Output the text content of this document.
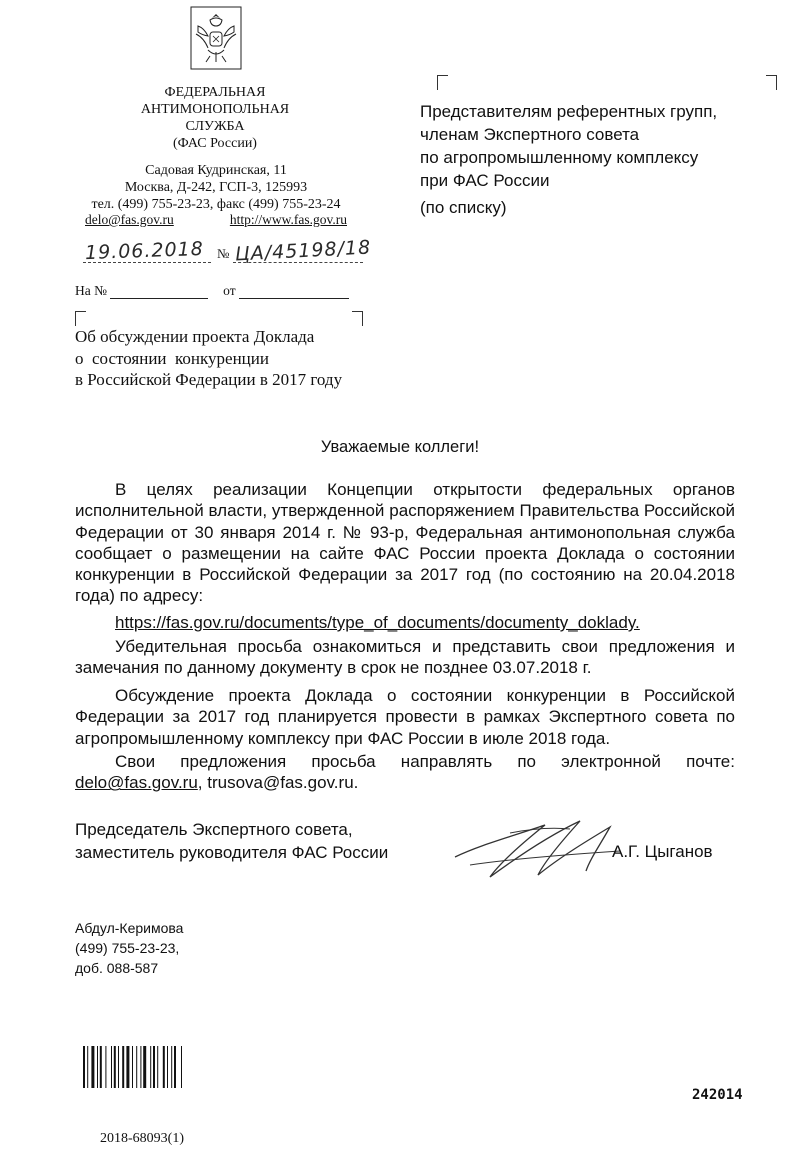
ФЕДЕРАЛЬНАЯ
АНТИМОНОПОЛЬНАЯ
СЛУЖБА
(ФАС России)
Садовая Кудринская, 11
Москва, Д-242, ГСП-3, 125993
тел. (499) 755-23-23, факс (499) 755-23-24
delo@fas.gov.ru	http://www.fas.gov.ru
19.06.2018 № ЦА/45198/18
На №	от
Об обсуждении проекта Доклада
о  состоянии  конкуренции
в Российской Федерации в 2017 году
Представителям референтных групп,
членам Экспертного совета
по агропромышленному комплексу
при ФАС России
(по списку)
Уважаемые коллеги!
В целях реализации Концепции открытости федеральных органов исполнительной власти, утвержденной распоряжением Правительства Российской Федерации от 30 января 2014 г. № 93-р, Федеральная антимонопольная служба сообщает о размещении на сайте ФАС России проекта Доклада о состоянии конкуренции в Российской Федерации за 2017 год (по состоянию на 20.04.2018 года) по адресу:
https://fas.gov.ru/documents/type_of_documents/documenty_doklady.
Убедительная просьба ознакомиться и представить свои предложения и замечания по данному документу в срок не позднее 03.07.2018 г.
Обсуждение проекта Доклада о состоянии конкуренции в Российской Федерации за 2017 год планируется провести в рамках Экспертного совета по агропромышленному комплексу при ФАС России в июле 2018 года.
Свои предложения просьба направлять по электронной почте: delo@fas.gov.ru, trusova@fas.gov.ru.
Председатель Экспертного совета,
заместитель руководителя ФАС России	А.Г. Цыганов
Абдул-Керимова
(499) 755-23-23,
доб. 088-587
242014
2018-68093(1)
